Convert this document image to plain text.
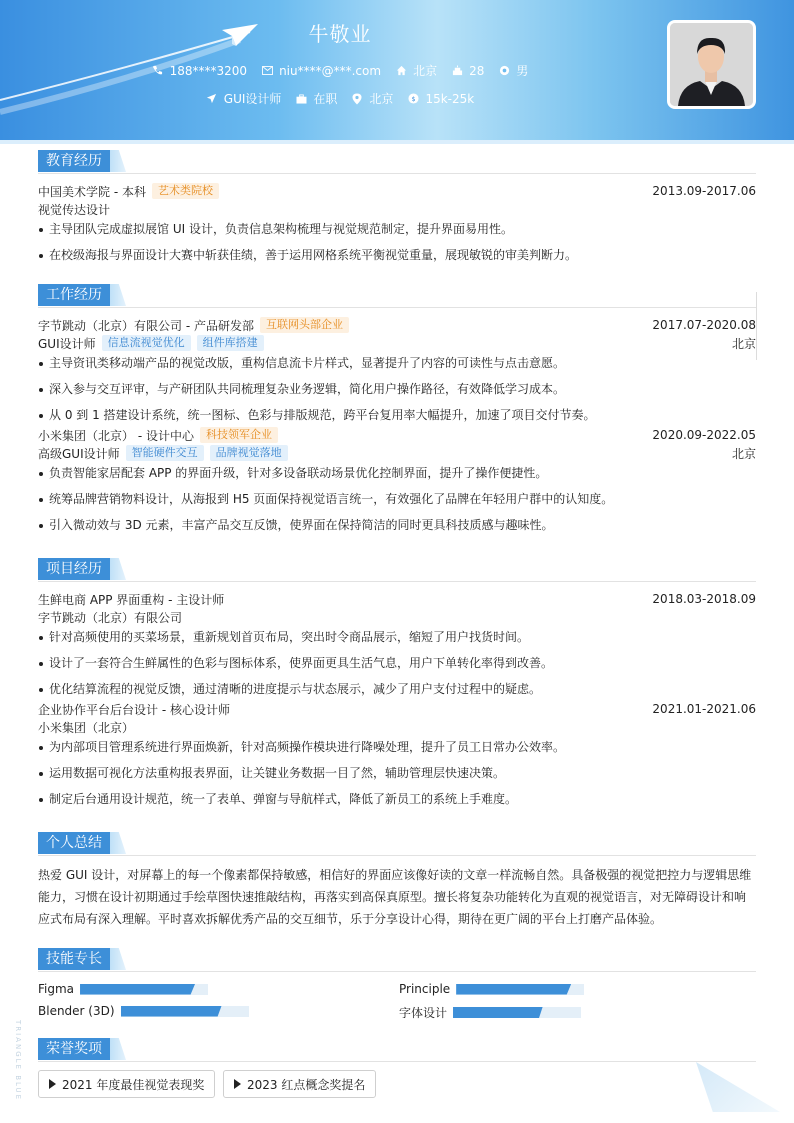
牛敬业
188****3200	niu****@***.com	北京	28	男
GUI设计师	在职	北京	$ 15k-25k
教育经历
中国美术学院 - 本科	艺术类院校	2013.09-2017.06
视觉传达设计
主导团队完成虚拟展馆 UI 设计，负责信息架构梳理与视觉规范制定，提升界面易用性。
在校级海报与界面设计大赛中斩获佳绩，善于运用网格系统平衡视觉重量，展现敏锐的审美判断力。
工作经历
字节跳动（北京）有限公司 - 产品研发部	互联网头部企业	2017.07-2020.08
GUI设计师	信息流视觉优化	组件库搭建	北京
主导资讯类移动端产品的视觉改版，重构信息流卡片样式，显著提升了内容的可读性与点击意愿。
深入参与交互评审，与产研团队共同梳理复杂业务逻辑，简化用户操作路径，有效降低学习成本。
从 0 到 1 搭建设计系统，统一图标、色彩与排版规范，跨平台复用率大幅提升，加速了项目交付节奏。
小米集团（北京） - 设计中心	科技领军企业	2020.09-2022.05
高级GUI设计师	智能硬件交互	品牌视觉落地	北京
负责智能家居配套 APP 的界面升级，针对多设备联动场景优化控制界面，提升了操作便捷性。
统筹品牌营销物料设计，从海报到 H5 页面保持视觉语言统一，有效强化了品牌在年轻用户群中的认知度。
引入微动效与 3D 元素，丰富产品交互反馈，使界面在保持简洁的同时更具科技质感与趣味性。
项目经历
生鲜电商 APP 界面重构 - 主设计师	2018.03-2018.09
字节跳动（北京）有限公司
针对高频使用的买菜场景，重新规划首页布局，突出时令商品展示，缩短了用户找货时间。
设计了一套符合生鲜属性的色彩与图标体系，使界面更具生活气息，用户下单转化率得到改善。
优化结算流程的视觉反馈，通过清晰的进度提示与状态展示，减少了用户支付过程中的疑虑。
企业协作平台后台设计 - 核心设计师	2021.01-2021.06
小米集团（北京）
为内部项目管理系统进行界面焕新，针对高频操作模块进行降噪处理，提升了员工日常办公效率。
运用数据可视化方法重构报表界面，让关键业务数据一目了然，辅助管理层快速决策。
制定后台通用设计规范，统一了表单、弹窗与导航样式，降低了新员工的系统上手难度。
个人总结
热爱 GUI 设计，对屏幕上的每一个像素都保持敏感，相信好的界面应该像好读的文章一样流畅自然。具备极强的视觉把控力与逻辑思维
能力，习惯在设计初期通过手绘草图快速推敲结构，再落实到高保真原型。擅长将复杂功能转化为直观的视觉语言，对无障碍设计和响
应式布局有深入理解。平时喜欢拆解优秀产品的交互细节，乐于分享设计心得，期待在更广阔的平台上打磨产品体验。
技能专长
Figma	Principle
Blender (3D)	字体设计
荣誉奖项
2021 年度最佳视觉表现奖	2023 红点概念奖提名
TRIANGLE BLUE
